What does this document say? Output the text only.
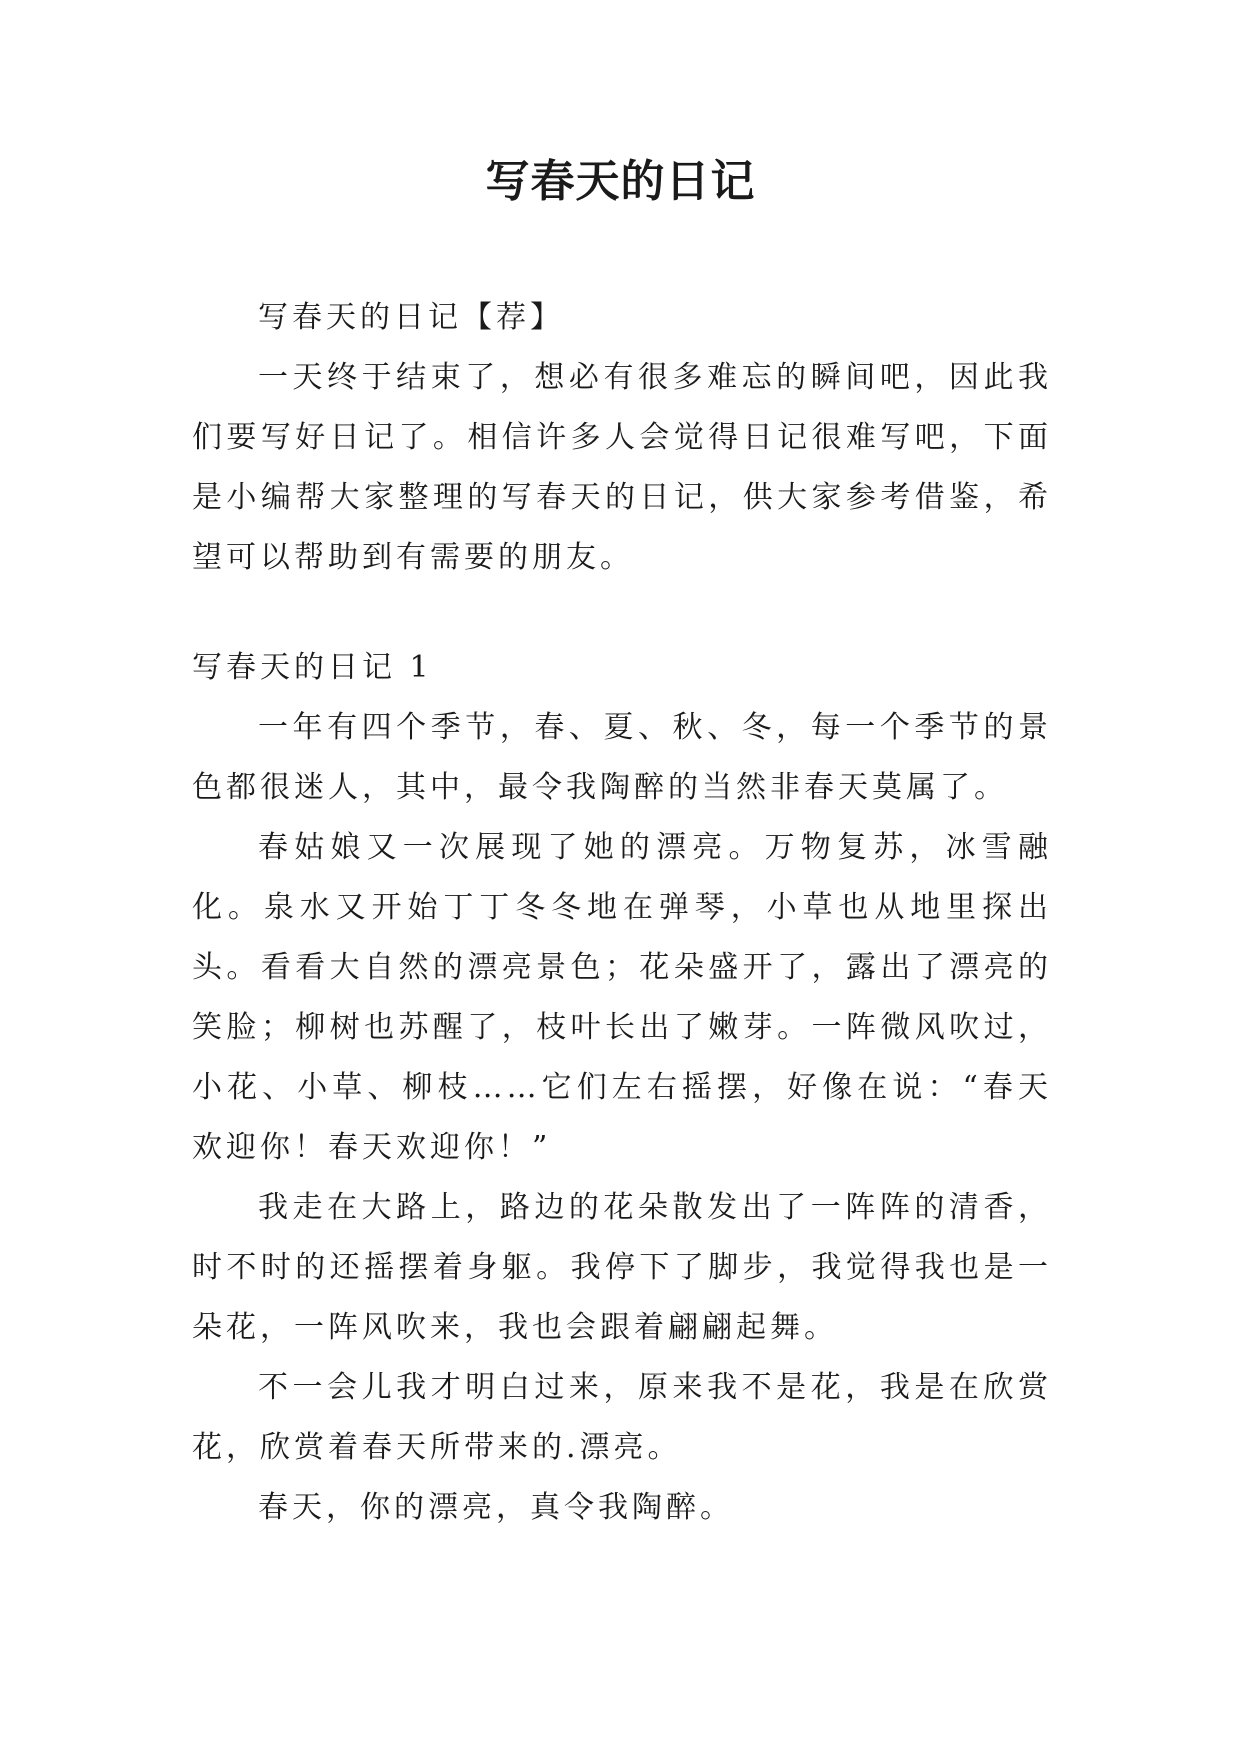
写春天的日记

写春天的日记【荐】

一天终于结束了，想必有很多难忘的瞬间吧，因此我们要写好日记了。相信许多人会觉得日记很难写吧，下面是小编帮大家整理的写春天的日记，供大家参考借鉴，希望可以帮助到有需要的朋友。

写春天的日记 1

一年有四个季节，春、夏、秋、冬，每一个季节的景色都很迷人，其中，最令我陶醉的当然非春天莫属了。

春姑娘又一次展现了她的漂亮。万物复苏，冰雪融化。泉水又开始丁丁冬冬地在弹琴，小草也从地里探出头。看看大自然的漂亮景色；花朵盛开了，露出了漂亮的笑脸；柳树也苏醒了，枝叶长出了嫩芽。一阵微风吹过，小花、小草、柳枝……它们左右摇摆，好像在说：“春天欢迎你！春天欢迎你！”

我走在大路上，路边的花朵散发出了一阵阵的清香，时不时的还摇摆着身躯。我停下了脚步，我觉得我也是一朵花，一阵风吹来，我也会跟着翩翩起舞。

不一会儿我才明白过来，原来我不是花，我是在欣赏花，欣赏着春天所带来的.漂亮。

春天，你的漂亮，真令我陶醉。
